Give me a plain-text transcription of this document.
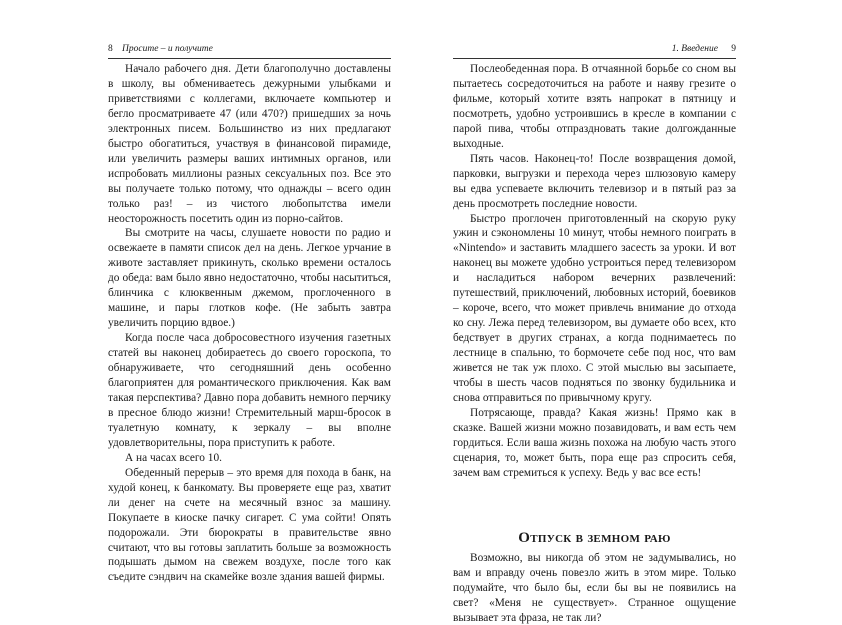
8 Просите – и получите

Начало рабочего дня. Дети благополучно доставлены в школу, вы обмениваетесь дежурными улыбками и приветствиями с коллегами, включаете компьютер и бегло просматриваете 47 (или 470?) пришедших за ночь электронных писем. Большинство из них предлагают быстро обогатиться, участвуя в финансовой пирамиде, или увеличить размеры ваших интимных органов, или испробовать миллионы разных сексуальных поз. Все это вы получаете только потому, что однажды – всего один только раз! – из чистого любопытства имели неосторожность посетить один из порно-сайтов.

Вы смотрите на часы, слушаете новости по радио и освежаете в памяти список дел на день. Легкое урчание в животе заставляет прикинуть, сколько времени осталось до обеда: вам было явно недостаточно, чтобы насытиться, блинчика с клюквенным джемом, проглоченного в машине, и пары глотков кофе. (Не забыть завтра увеличить порцию вдвое.)

Когда после часа добросовестного изучения газетных статей вы наконец добираетесь до своего гороскопа, то обнаруживаете, что сегодняшний день особенно благоприятен для романтического приключения. Как вам такая перспектива? Давно пора добавить немного перчику в пресное блюдо жизни! Стремительный марш-бросок в туалетную комнату, к зеркалу – вы вполне удовлетворительны, пора приступить к работе.

А на часах всего 10.

Обеденный перерыв – это время для похода в банк, на худой конец, к банкомату. Вы проверяете еще раз, хватит ли денег на счете на месячный взнос за машину. Покупаете в киоске пачку сигарет. С ума сойти! Опять подорожали. Эти бюрократы в правительстве явно считают, что вы готовы заплатить больше за возможность подышать дымом на свежем воздухе, после того как съедите сэндвич на скамейке возле здания вашей фирмы.

1. Введение 9

Послеобеденная пора. В отчаянной борьбе со сном вы пытаетесь сосредоточиться на работе и наяву грезите о фильме, который хотите взять напрокат в пятницу и посмотреть, удобно устроившись в кресле в компании с парой пива, чтобы отпраздновать такие долгожданные выходные.

Пять часов. Наконец-то! После возвращения домой, парковки, выгрузки и перехода через шлюзовую камеру вы едва успеваете включить телевизор и в пятый раз за день просмотреть последние новости.

Быстро проглочен приготовленный на скорую руку ужин и сэкономлены 10 минут, чтобы немного поиграть в «Nintendo» и заставить младшего засесть за уроки. И вот наконец вы можете удобно устроиться перед телевизором и насладиться набором вечерних развлечений: путешествий, приключений, любовных историй, боевиков – короче, всего, что может привлечь внимание до отхода ко сну. Лежа перед телевизором, вы думаете обо всех, кто бедствует в других странах, а когда поднимаетесь по лестнице в спальню, то бормочете себе под нос, что вам живется не так уж плохо. С этой мыслью вы засыпаете, чтобы в шесть часов подняться по звонку будильника и снова отправиться по привычному кругу.

Потрясающе, правда? Какая жизнь! Прямо как в сказке. Вашей жизни можно позавидовать, и вам есть чем гордиться. Если ваша жизнь похожа на любую часть этого сценария, то, может быть, пора еще раз спросить себя, зачем вам стремиться к успеху. Ведь у вас все есть!

Отпуск в земном раю

Возможно, вы никогда об этом не задумывались, но вам и вправду очень повезло жить в этом мире. Только подумайте, что было бы, если бы вы не появились на свет? «Меня не существует». Странное ощущение вызывает эта фраза, не так ли?
